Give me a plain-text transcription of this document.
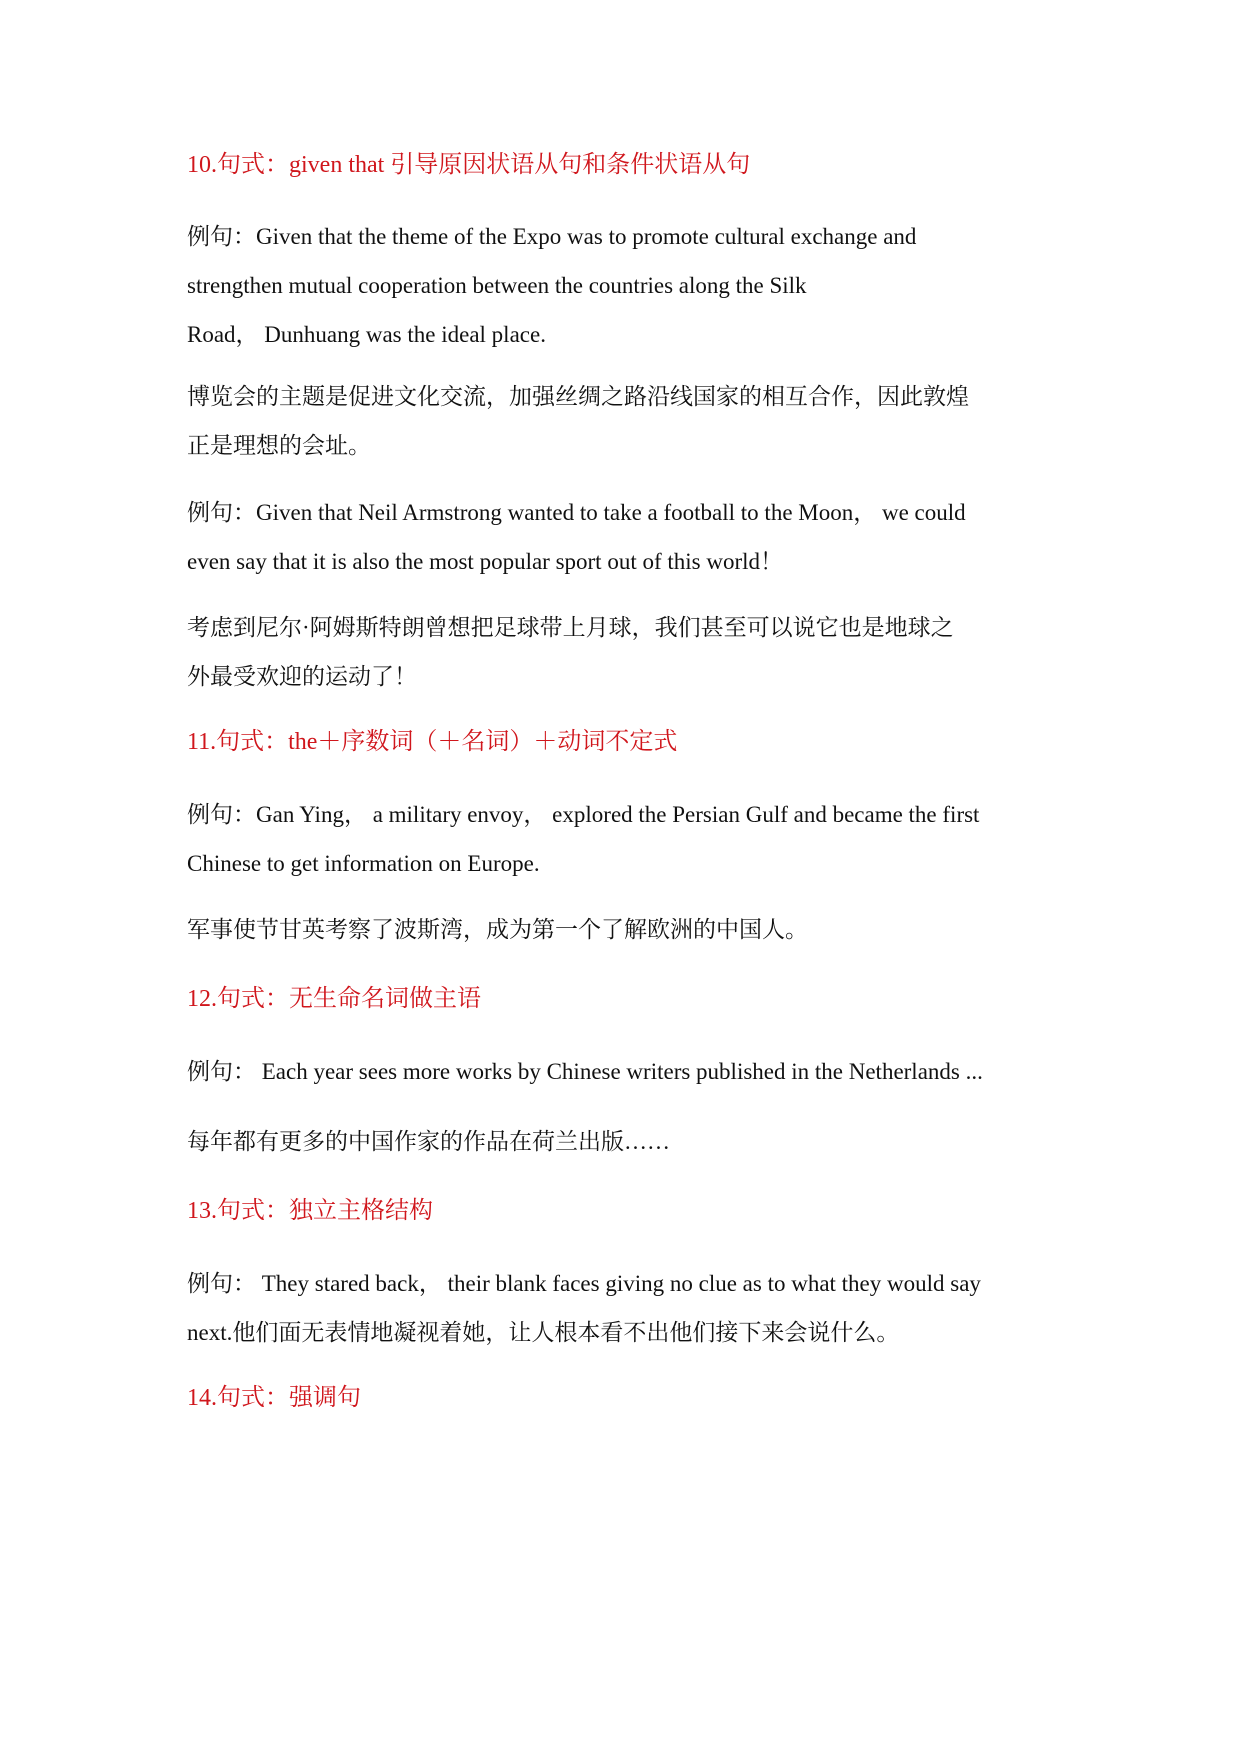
10.句式：given that 引导原因状语从句和条件状语从句
例句：Given that the theme of the Expo was to promote cultural exchange and
strengthen mutual cooperation between the countries along the Silk
Road， Dunhuang was the ideal place.
博览会的主题是促进文化交流，加强丝绸之路沿线国家的相互合作，因此敦煌
正是理想的会址。
例句：Given that Neil Armstrong wanted to take a football to the Moon， we could
even say that it is also the most popular sport out of this world！
考虑到尼尔·阿姆斯特朗曾想把足球带上月球，我们甚至可以说它也是地球之
外最受欢迎的运动了！
11.句式：the＋序数词（＋名词）＋动词不定式
例句：Gan Ying， a military envoy， explored the Persian Gulf and became the first
Chinese to get information on Europe.
军事使节甘英考察了波斯湾，成为第一个了解欧洲的中国人。
12.句式：无生命名词做主语
例句： Each year sees more works by Chinese writers published in the Netherlands ...
每年都有更多的中国作家的作品在荷兰出版……
13.句式：独立主格结构
例句： They stared back， their blank faces giving no clue as to what they would say
next.他们面无表情地凝视着她，让人根本看不出他们接下来会说什么。
14.句式：强调句
